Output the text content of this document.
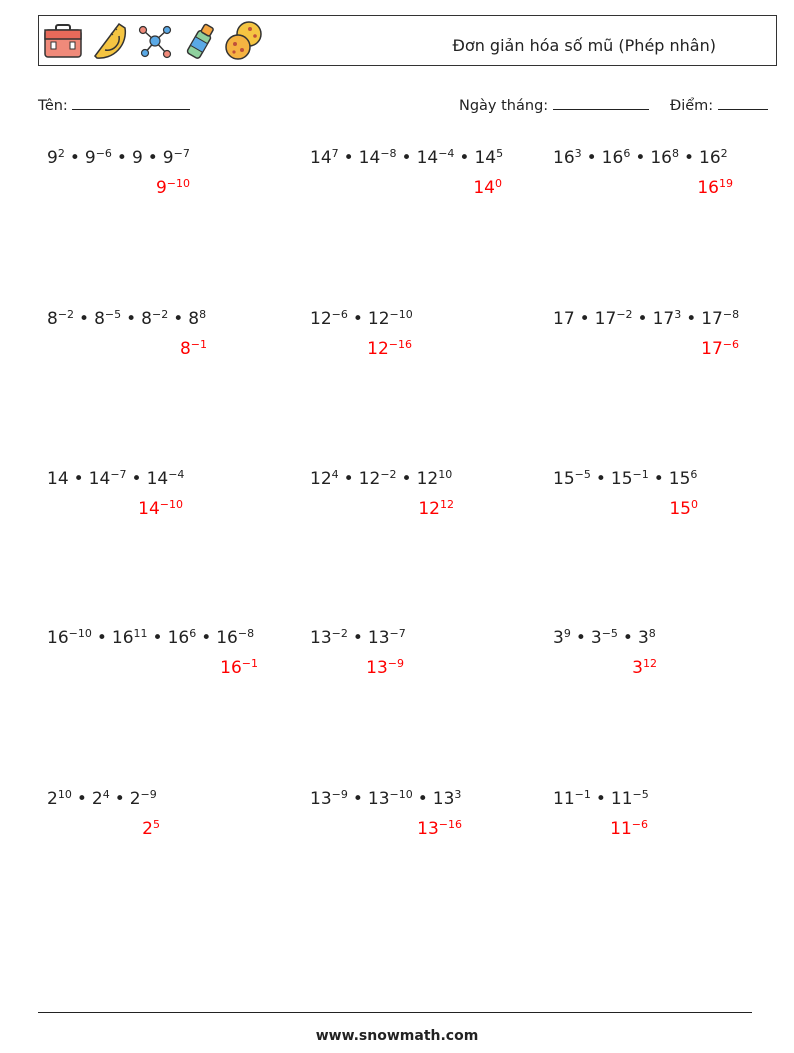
Đơn giản hóa số mũ (Phép nhân)
Tên:	Ngày tháng:	Điểm:
$9^2$ • $9^{-6}$ • 9 • $9^{-7}$
$9^{-10}$
$14^7$ • $14^{-8}$ • $14^{-4}$ • $14^5$
$14^0$
$16^3$ • $16^6$ • $16^8$ • $16^2$
$16^{19}$
$8^{-2}$ • $8^{-5}$ • $8^{-2}$ • $8^8$
$8^{-1}$
$12^{-6}$ • $12^{-10}$
$12^{-16}$
17 • $17^{-2}$ • $17^3$ • $17^{-8}$
$17^{-6}$
14 • $14^{-7}$ • $14^{-4}$
$14^{-10}$
$12^4$ • $12^{-2}$ • $12^{10}$
$12^{12}$
$15^{-5}$ • $15^{-1}$ • $15^6$
$15^0$
$16^{-10}$ • $16^{11}$ • $16^6$ • $16^{-8}$
$16^{-1}$
$13^{-2}$ • $13^{-7}$
$13^{-9}$
$3^9$ • $3^{-5}$ • $3^8$
$3^{12}$
$2^{10}$ • $2^4$ • $2^{-9}$
$2^5$
$13^{-9}$ • $13^{-10}$ • $13^3$
$13^{-16}$
$11^{-1}$ • $11^{-5}$
$11^{-6}$
www.snowmath.com
